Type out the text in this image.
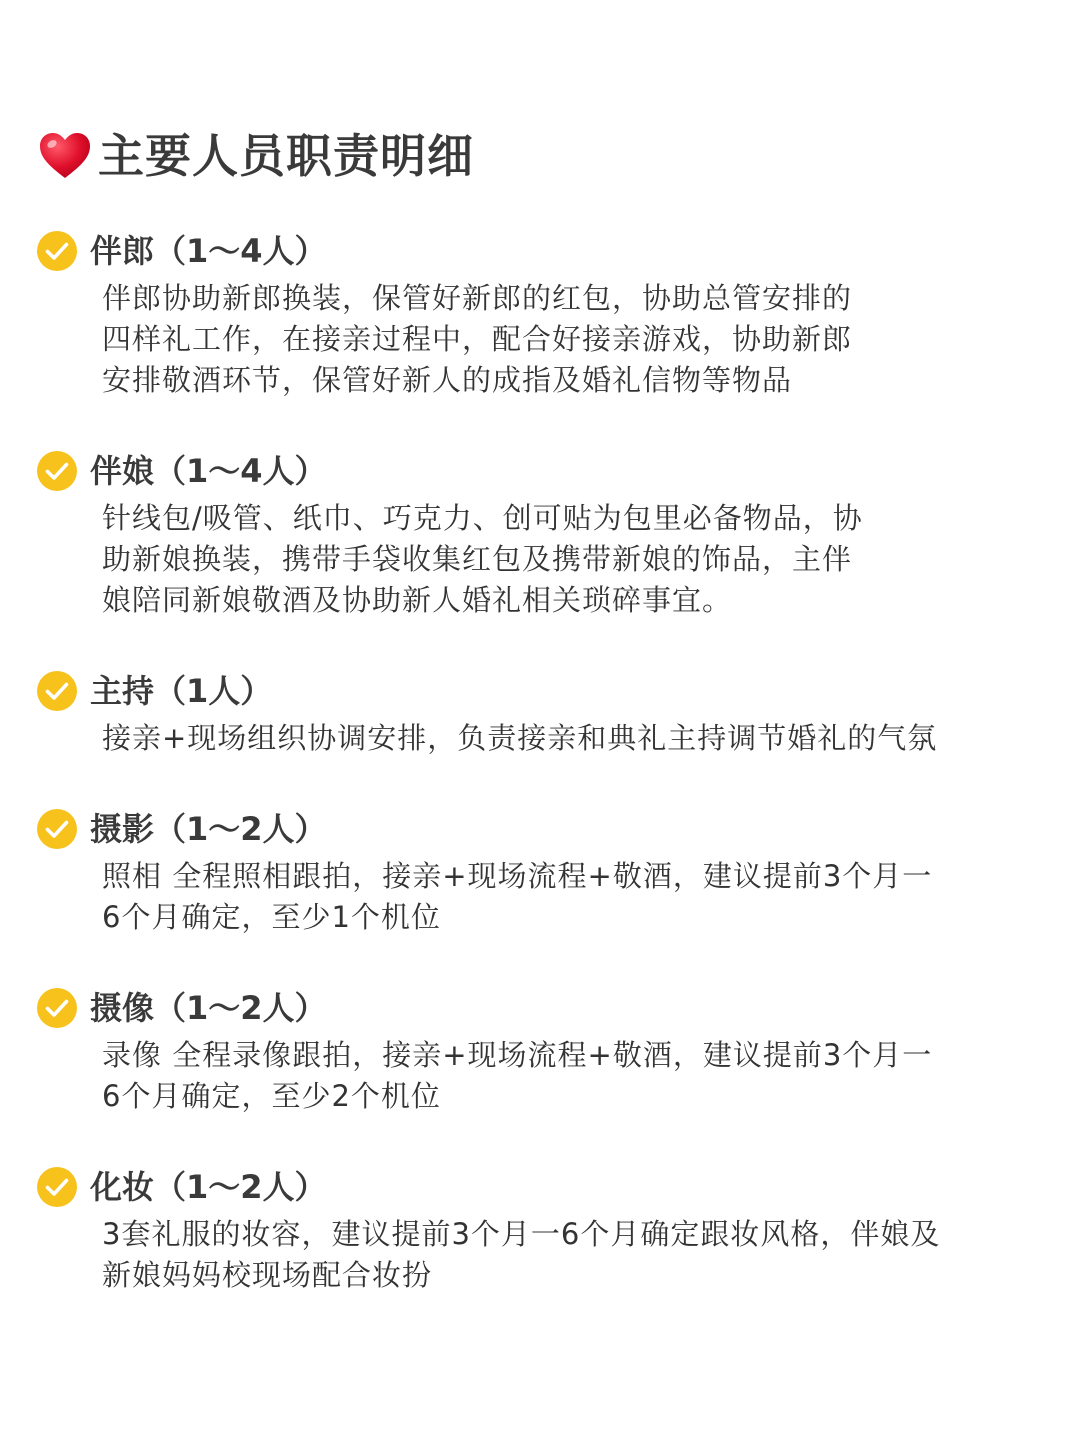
主要人员职责明细
伴郎（1～4人）
伴郎协助新郎换装，保管好新郎的红包，协助总管安排的
四样礼工作，在接亲过程中，配合好接亲游戏，协助新郎
安排敬酒环节，保管好新人的成指及婚礼信物等物品
伴娘（1～4人）
针线包/吸管、纸巾、巧克力、创可贴为包里必备物品，协
助新娘换装，携带手袋收集红包及携带新娘的饰品，主伴
娘陪同新娘敬酒及协助新人婚礼相关琐碎事宜。
主持（1人）
接亲+现场组织协调安排，负责接亲和典礼主持调节婚礼的气氛
摄影（1～2人）
照相 全程照相跟拍，接亲+现场流程+敬酒，建议提前3个月一
6个月确定，至少1个机位
摄像（1～2人）
录像 全程录像跟拍，接亲+现场流程+敬酒，建议提前3个月一
6个月确定，至少2个机位
化妆（1～2人）
3套礼服的妆容，建议提前3个月一6个月确定跟妆风格，伴娘及
新娘妈妈校现场配合妆扮
